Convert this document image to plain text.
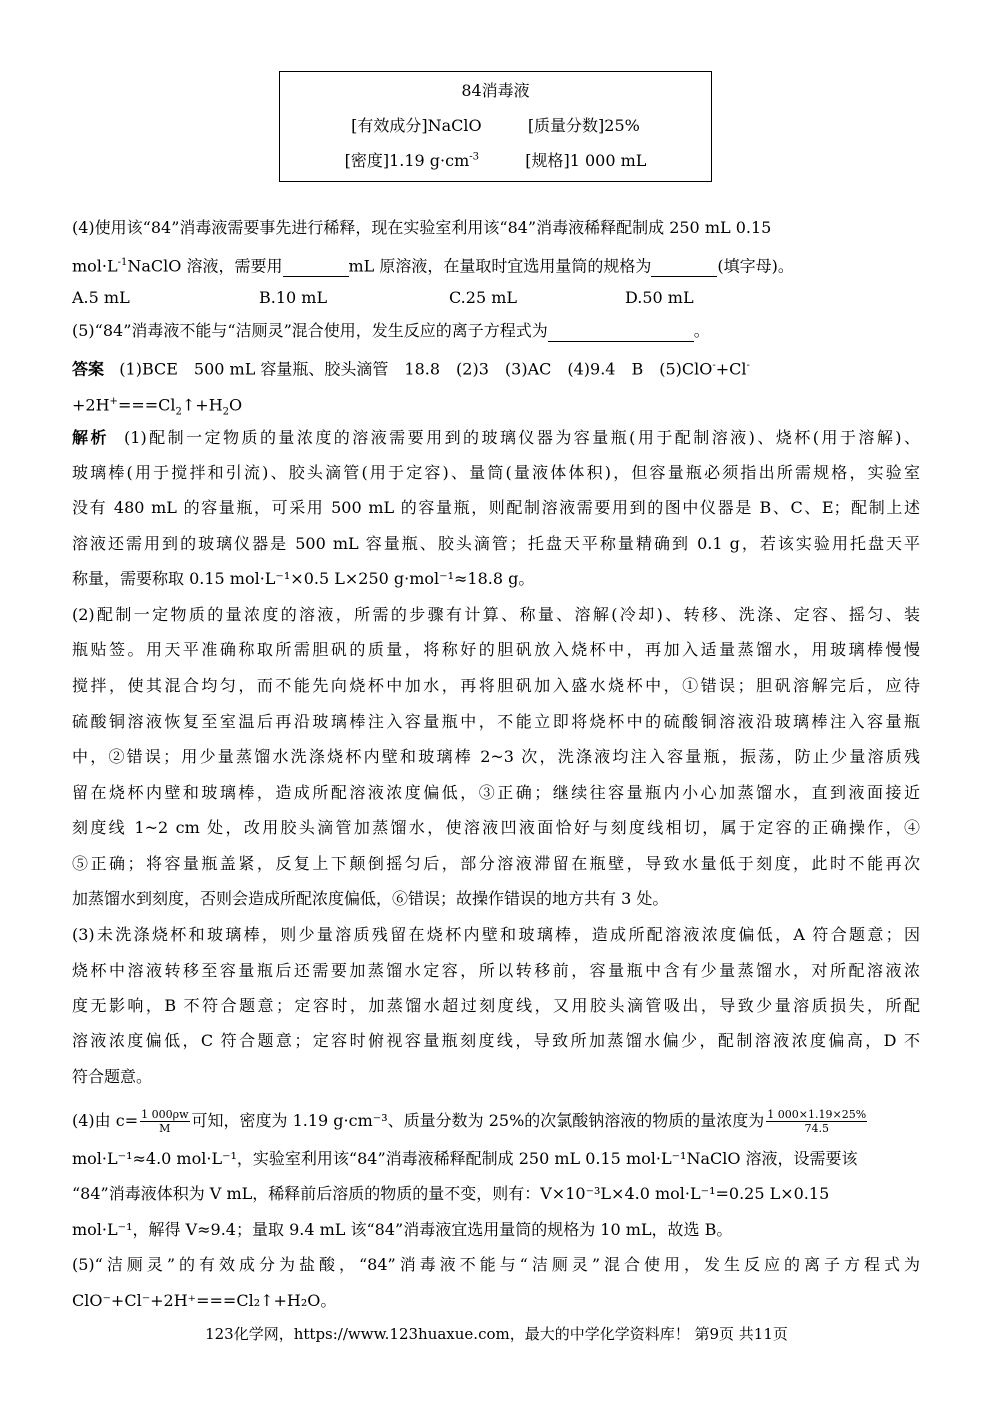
84消毒液
[有效成分]NaClO	[质量分数]25%
[密度]1.19 $g\cdot cm^{-3}$	[规格]1 000 mL
(4)使用该“84”消毒液需要事先进行稀释，现在实验室利用该“84”消毒液稀释配制成 250 mL 0.15
$mol\cdot L^{-1}NaClO$ 溶液，需要用	mL 原溶液，在量取时宜选用量筒的规格为	(填字母)。
A.5 mL	B.10 mL	C.25 mL	D.50 mL
(5)“84”消毒液不能与“洁厕灵”混合使用，发生反应的离子方程式为	。
答案 (1)BCE　500 mL 容量瓶、胶头滴管　18.8　(2)3　(3)AC　(4)9.4　B　(5)ClO-+Cl-
$+2H^+===Cl_2↑+H_2O$
解析 (1)配制一定物质的量浓度的溶液需要用到的玻璃仪器为容量瓶(用于配制溶液)、烧杯(用于溶解)、
玻璃棒(用于搅拌和引流)、胶头滴管(用于定容)、量筒(量液体体积)，但容量瓶必须指出所需规格，实验室
没有 480 mL 的容量瓶，可采用 500 mL 的容量瓶，则配制溶液需要用到的图中仪器是 B、C、E；配制上述
溶液还需用到的玻璃仪器是 500 mL 容量瓶、胶头滴管；托盘天平称量精确到 0.1 g，若该实验用托盘天平
称量，需要称取 0.15 mol·L⁻¹×0.5 L×250 g·mol⁻¹≈18.8 g。
(2)配制一定物质的量浓度的溶液，所需的步骤有计算、称量、溶解(冷却)、转移、洗涤、定容、摇匀、装
瓶贴签。用天平准确称取所需胆矾的质量，将称好的胆矾放入烧杯中，再加入适量蒸馏水，用玻璃棒慢慢
搅拌，使其混合均匀，而不能先向烧杯中加水，再将胆矾加入盛水烧杯中，①错误；胆矾溶解完后，应待
硫酸铜溶液恢复至室温后再沿玻璃棒注入容量瓶中，不能立即将烧杯中的硫酸铜溶液沿玻璃棒注入容量瓶
中，②错误；用少量蒸馏水洗涤烧杯内壁和玻璃棒 2~3 次，洗涤液均注入容量瓶，振荡，防止少量溶质残
留在烧杯内壁和玻璃棒，造成所配溶液浓度偏低，③正确；继续往容量瓶内小心加蒸馏水，直到液面接近
刻度线 1~2 cm 处，改用胶头滴管加蒸馏水，使溶液凹液面恰好与刻度线相切，属于定容的正确操作，④
⑤正确；将容量瓶盖紧，反复上下颠倒摇匀后，部分溶液滞留在瓶壁，导致水量低于刻度，此时不能再次
加蒸馏水到刻度，否则会造成所配浓度偏低，⑥错误；故操作错误的地方共有 3 处。
(3)未洗涤烧杯和玻璃棒，则少量溶质残留在烧杯内壁和玻璃棒，造成所配溶液浓度偏低，A 符合题意；因
烧杯中溶液转移至容量瓶后还需要加蒸馏水定容，所以转移前，容量瓶中含有少量蒸馏水，对所配溶液浓
度无影响，B 不符合题意；定容时，加蒸馏水超过刻度线，又用胶头滴管吸出，导致少量溶质损失，所配
溶液浓度偏低，C 符合题意；定容时俯视容量瓶刻度线，导致所加蒸馏水偏少，配制溶液浓度偏高，D 不
符合题意。
(4)由 $c= \frac{1 000\rho w}{M}$ 可知，密度为 1.19 g·cm⁻³、质量分数为 25%的次氯酸钠溶液的物质的量浓度为 $\frac{1 000\times 1.19\times 25\%}{74.5}$
mol·L⁻¹≈4.0 mol·L⁻¹，实验室利用该“84”消毒液稀释配制成 250 mL 0.15 mol·L⁻¹NaClO 溶液，设需要该
“84”消毒液体积为 V mL，稀释前后溶质的物质的量不变，则有：V×10⁻³L×4.0 mol·L⁻¹=0.25 L×0.15
mol·L⁻¹，解得 V≈9.4；量取 9.4 mL 该“84”消毒液宜选用量筒的规格为 10 mL，故选 B。
(5)“洁厕灵”的有效成分为盐酸，“84”消毒液不能与“洁厕灵”混合使用，发生反应的离子方程式为
ClO⁻+Cl⁻+2H⁺===Cl₂↑+H₂O。
123化学网，https://www.123huaxue.com，最大的中学化学资料库！ 第9页 共11页
